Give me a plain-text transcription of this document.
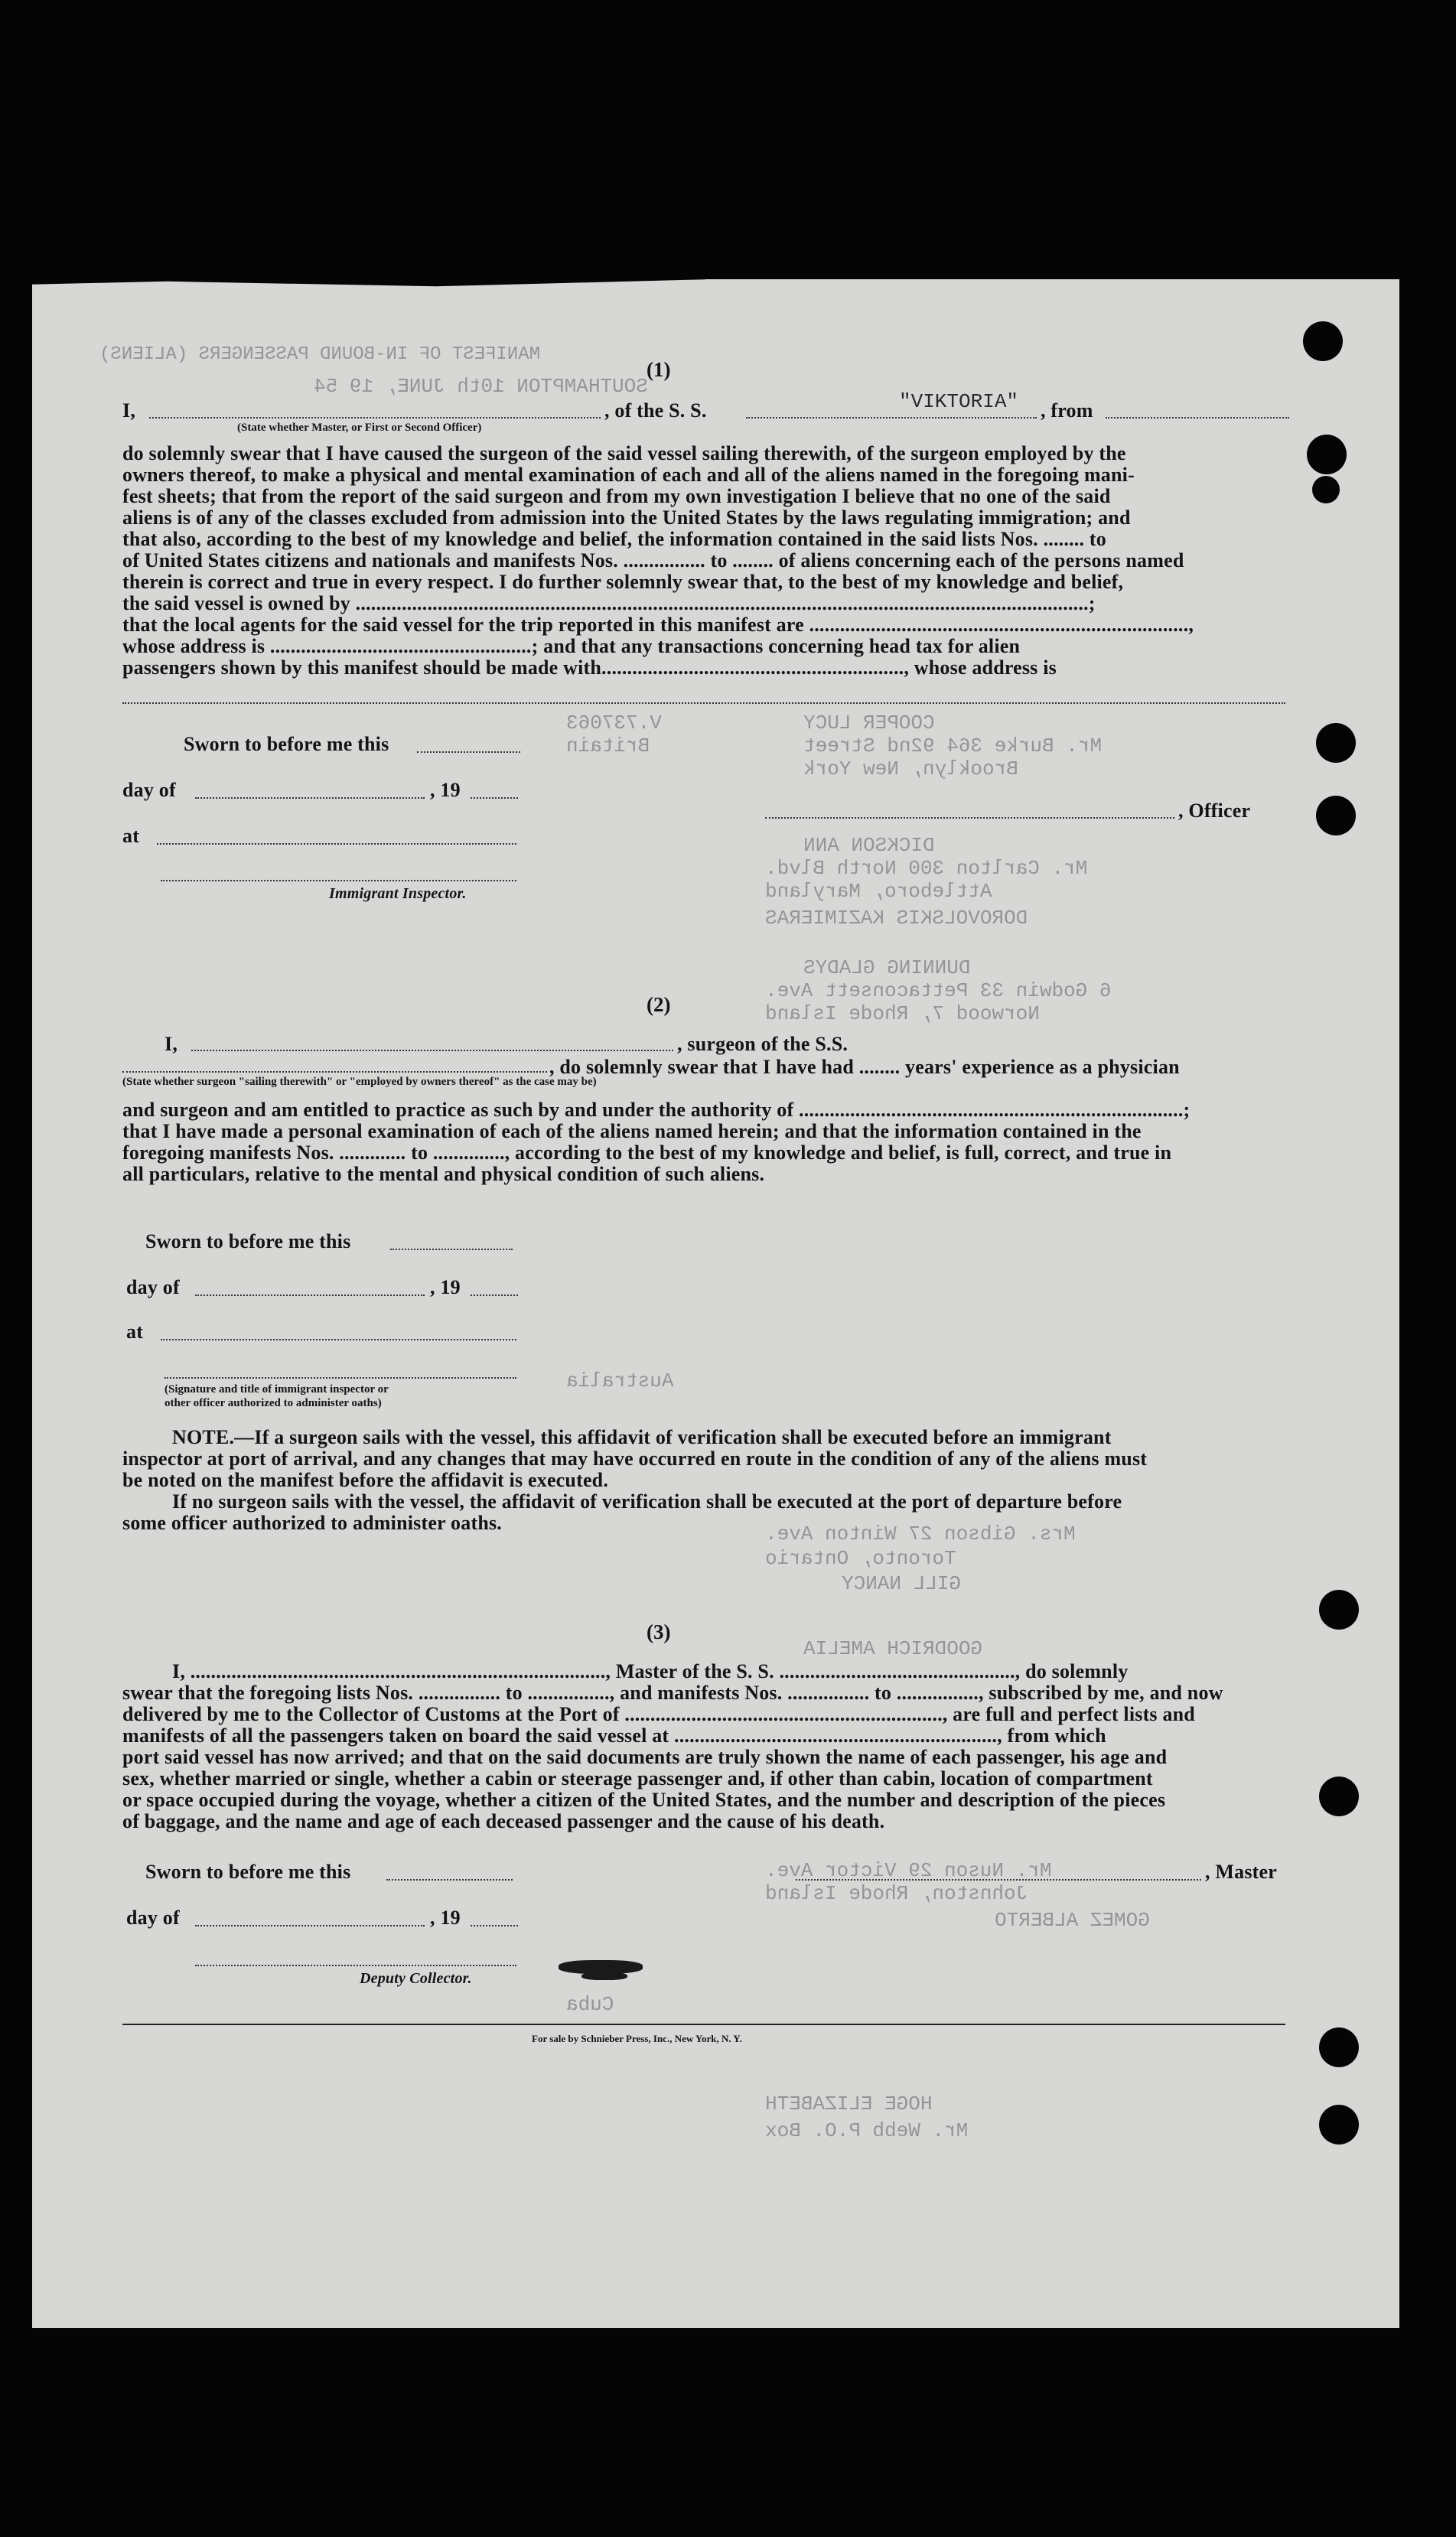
MANIFEST OF IN-BOUND PASSENGERS (ALIENS)
SOUTHAMPTON 10th JUNE, 19 54
COOPER LUCY
Mr. Burke 364 92nd Street
Brooklyn, New York
DICKSON ANN
Mr. Carlton 300 North Blvd.
Attleboro, Maryland
DOROVOLSKIS KAZIMIERAS
DUNNING GLADYS
6 Godwin 33 Pettaconsett Ave.
Norwood 7, Rhode Island
GILL NANCY
Mrs. Gibson 27 Winton Ave.
Toronto, Ontario
GOODRICH AMELIA
Mr. Nuson 29 Victor Ave.
Johnston, Rhode Island
GOMEZ ALBERTO
HOGE ELIZABETH
Mr. Webb P.O. Box
Britain
V.737063
Australia
Cuba
(1)
I,	, of the S. S.	"VIKTORIA" , from
(State whether Master, or First or Second Officer)
do solemnly swear that I have caused the surgeon of the said vessel sailing therewith, of the surgeon employed by the
owners thereof, to make a physical and mental examination of each and all of the aliens named in the foregoing mani-
fest sheets; that from the report of the said surgeon and from my own investigation I believe that no one of the said
aliens is of any of the classes excluded from admission into the United States by the laws regulating immigration; and
that also, according to the best of my knowledge and belief, the information contained in the said lists Nos. ........ to
of United States citizens and nationals and manifests Nos. ................ to ........ of aliens concerning each of the persons named
therein is correct and true in every respect. I do further solemnly swear that, to the best of my knowledge and belief,
the said vessel is owned by ...............................................................................................................................................;
that the local agents for the said vessel for the trip reported in this manifest are ..........................................................................,
whose address is ...................................................; and that any transactions concerning head tax for alien
passengers shown by this manifest should be made with..........................................................., whose address is
Sworn to before me this
day of	, 19
, Officer
at
Immigrant Inspector.
(2)
I,	, surgeon of the S.S.
, do solemnly swear that I have had ........ years' experience as a physician
(State whether surgeon "sailing therewith" or "employed by owners thereof" as the case may be)
and surgeon and am entitled to practice as such by and under the authority of ...........................................................................;
that I have made a personal examination of each of the aliens named herein; and that the information contained in the
foregoing manifests Nos. ............. to .............., according to the best of my knowledge and belief, is full, correct, and true in
all particulars, relative to the mental and physical condition of such aliens.
Sworn to before me this
day of	, 19
at
(Signature and title of immigrant inspector or
other officer authorized to administer oaths)
NOTE.—If a surgeon sails with the vessel, this affidavit of verification shall be executed before an immigrant
inspector at port of arrival, and any changes that may have occurred en route in the condition of any of the aliens must
be noted on the manifest before the affidavit is executed.
If no surgeon sails with the vessel, the affidavit of verification shall be executed at the port of departure before
some officer authorized to administer oaths.
(3)
I, ................................................................................., Master of the S. S. .............................................., do solemnly
swear that the foregoing lists Nos. ................ to ................, and manifests Nos. ................ to ................, subscribed by me, and now
delivered by me to the Collector of Customs at the Port of .............................................................., are full and perfect lists and
manifests of all the passengers taken on board the said vessel at ..............................................................., from which
port said vessel has now arrived; and that on the said documents are truly shown the name of each passenger, his age and
sex, whether married or single, whether a cabin or steerage passenger and, if other than cabin, location of compartment
or space occupied during the voyage, whether a citizen of the United States, and the number and description of the pieces
of baggage, and the name and age of each deceased passenger and the cause of his death.
Sworn to before me this	, Master
day of	, 19
Deputy Collector.
For sale by Schnieber Press, Inc., New York, N. Y.
